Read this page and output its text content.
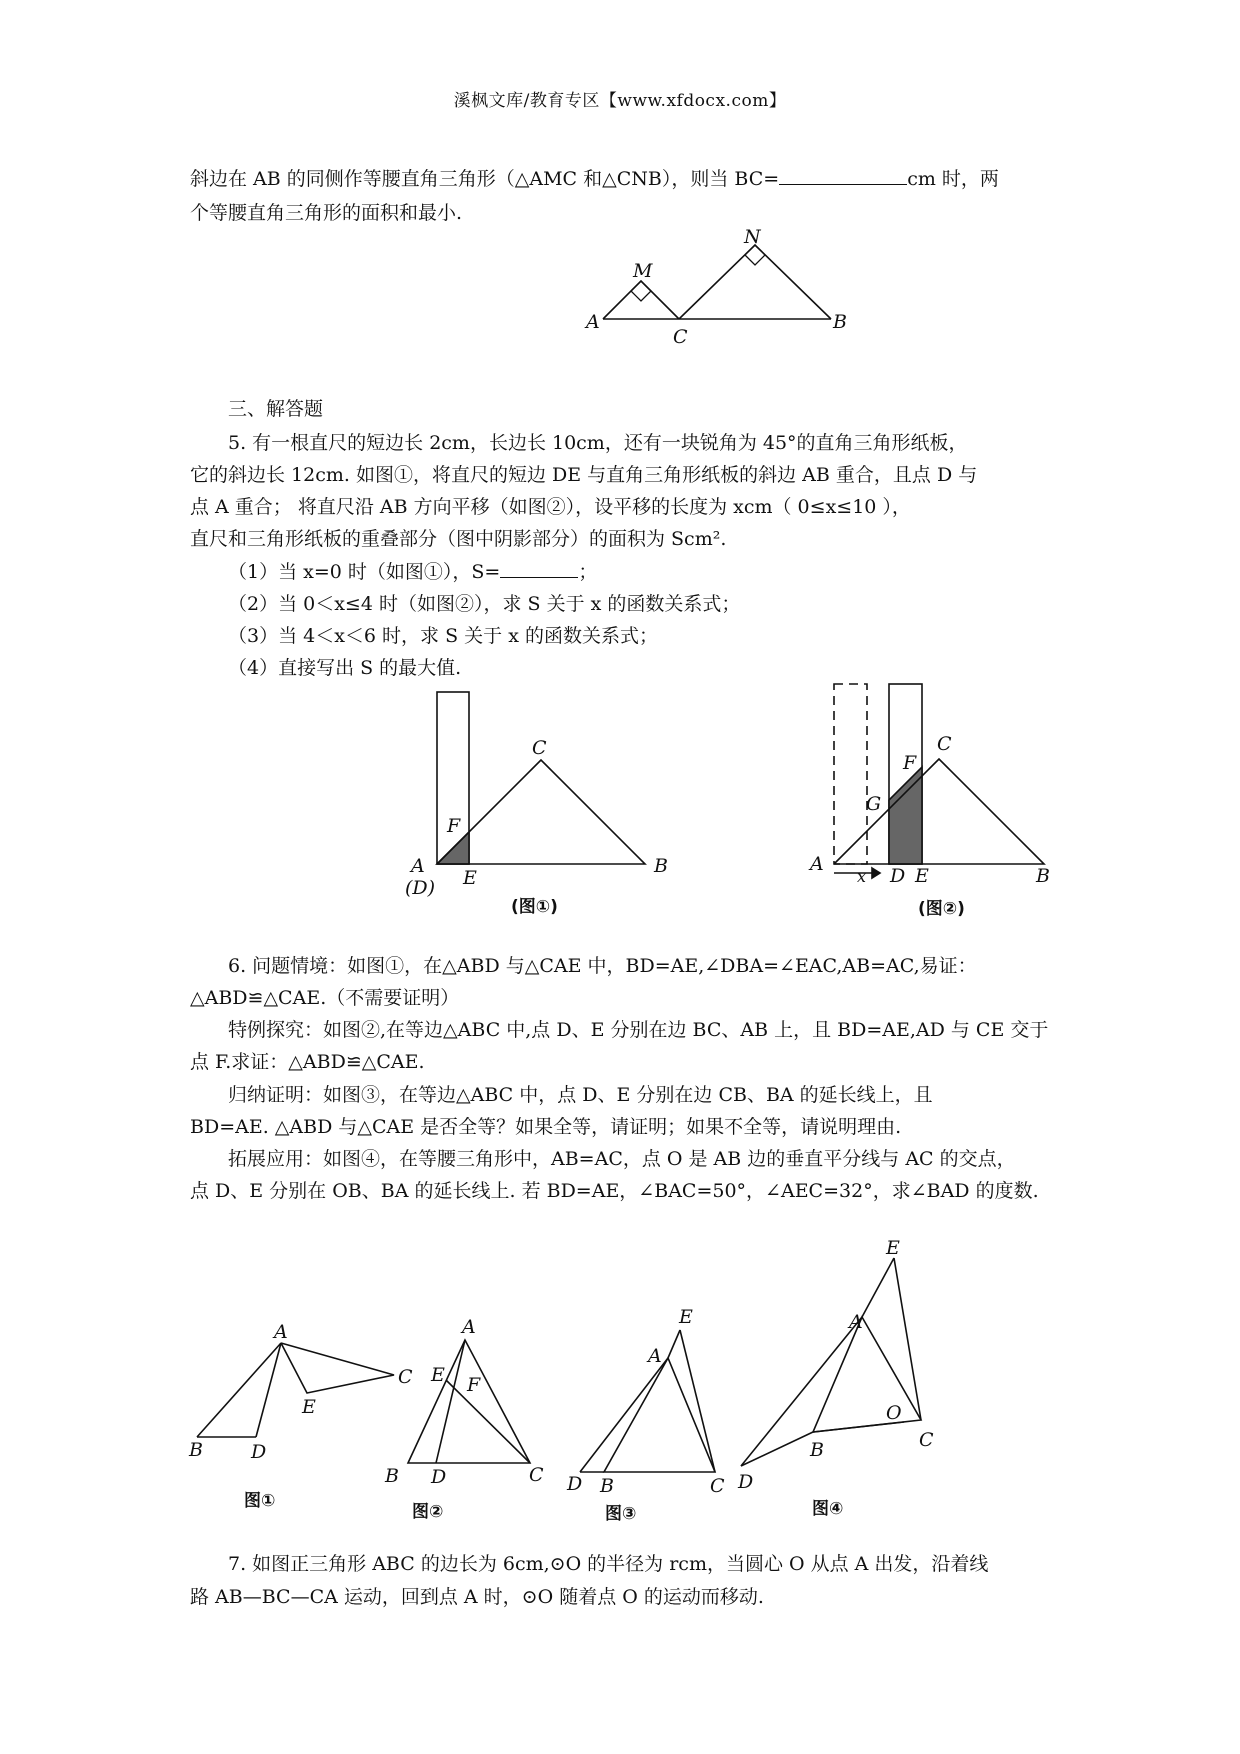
溪枫文库/教育专区【www.xfdocx.com】
斜边在 AB 的同侧作等腰直角三角形（△AMC 和△CNB），则当 BC=	cm 时，两
个等腰直角三角形的面积和最小.
A
C
B
M
N
三、解答题
5. 有一根直尺的短边长 2cm，长边长 10cm，还有一块锐角为 45°的直角三角形纸板，
它的斜边长 12cm. 如图①，将直尺的短边 DE 与直角三角形纸板的斜边 AB 重合，且点 D 与
点 A 重合； 将直尺沿 AB 方向平移（如图②），设平移的长度为 xcm（ 0≤x≤10 ），
直尺和三角形纸板的重叠部分（图中阴影部分）的面积为 Scm².
（1）当 x=0 时（如图①），S=	；
（2）当 0＜x≤4 时（如图②），求 S 关于 x 的函数关系式；
（3）当 4＜x＜6 时，求 S 关于 x 的函数关系式；
（4）直接写出 S 的最大值.
A
(D) E
F
C
B
(图①)
A
x D E	B
C
F
G
(图②)
6. 问题情境：如图①，在△ABD 与△CAE 中，BD=AE,∠DBA=∠EAC,AB=AC,易证：
△ABD≌△CAE.（不需要证明）
特例探究：如图②,在等边△ABC 中,点 D、E 分别在边 BC、AB 上，且 BD=AE,AD 与 CE 交于
点 F.求证：△ABD≌△CAE.
归纳证明：如图③，在等边△ABC 中，点 D、E 分别在边 CB、BA 的延长线上，且
BD=AE. △ABD 与△CAE 是否全等？如果全等，请证明；如果不全等，请说明理由.
拓展应用：如图④，在等腰三角形中，AB=AC，点 O 是 AB 边的垂直平分线与 AC 的交点，
点 D、E 分别在 OB、BA 的延长线上. 若 BD=AE，∠BAC=50°，∠AEC=32°，求∠BAD 的度数.
A
B	D
E
C
图①
A
E F
B D	C
图②
E
A
D B	C
图③
E
A
O
D
B	C
图④
7. 如图正三角形 ABC 的边长为 6cm,⊙O 的半径为 rcm，当圆心 O 从点 A 出发，沿着线
路 AB—BC—CA 运动，回到点 A 时，⊙O 随着点 O 的运动而移动.
